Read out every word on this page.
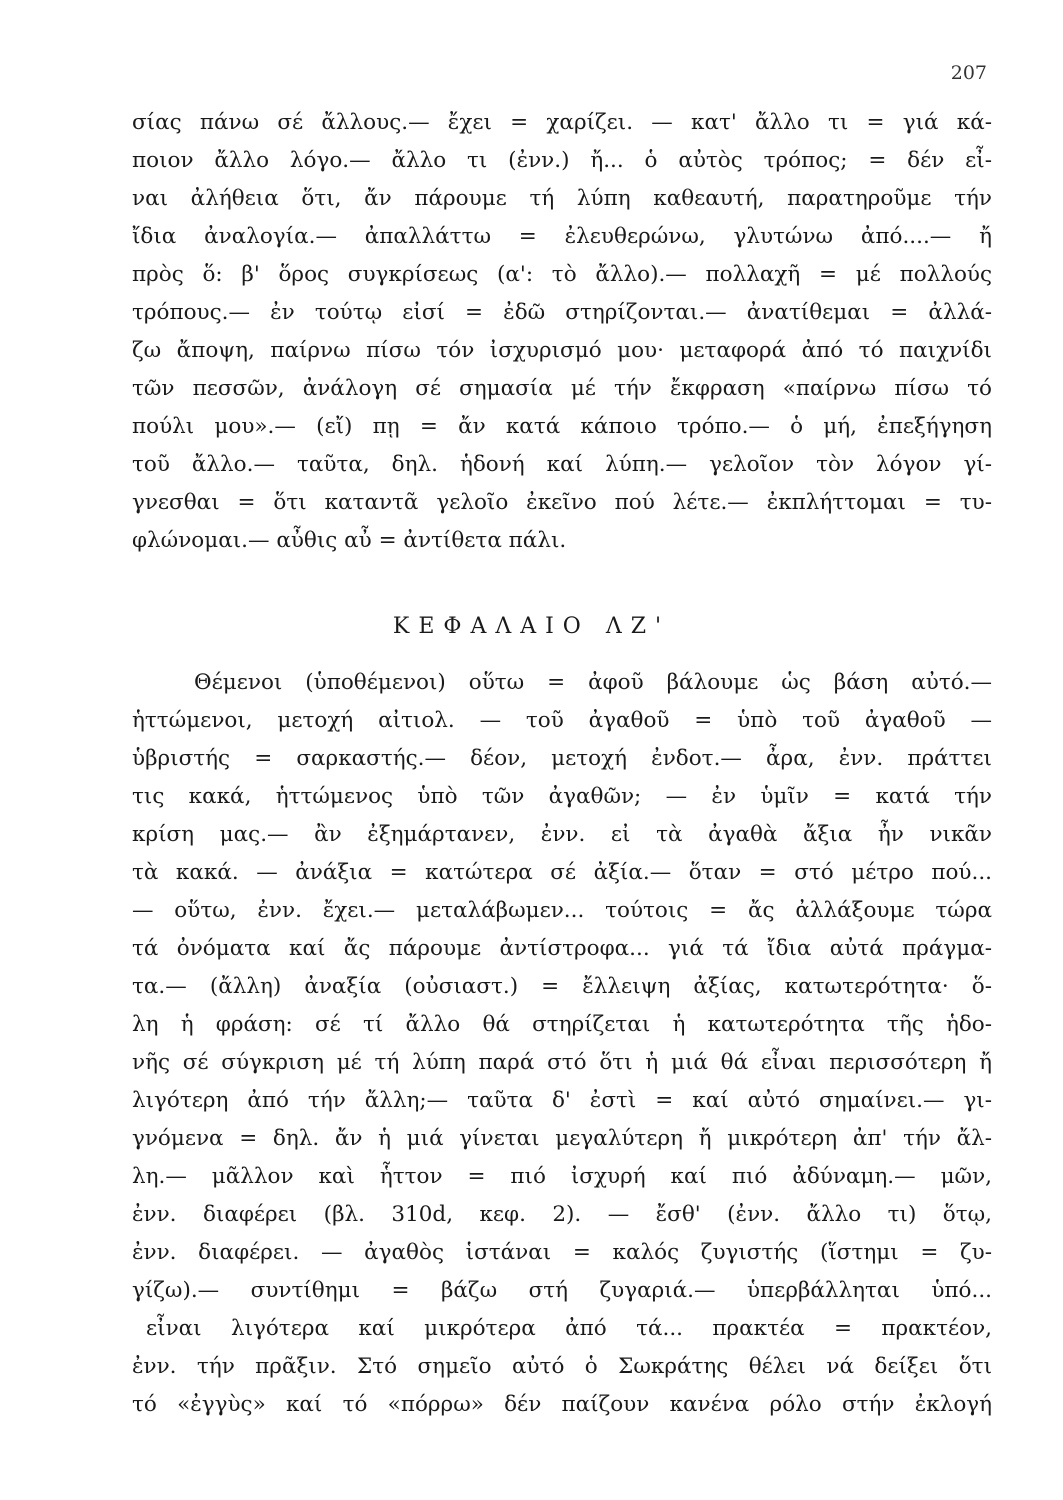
207
σίας πάνω σέ ἄλλους.— ἔχει = χαρίζει. — κατ' ἄλλο τι = γιά κά-
ποιον ἄλλο λόγο.— ἄλλο τι (ἐνν.) ἤ... ὁ αὐτὸς τρόπος; = δέν εἶ-
ναι ἀλήθεια ὅτι, ἄν πάρουμε τή λύπη καθεαυτή, παρατηροῦμε τήν
ἴδια ἀναλογία.— ἀπαλλάττω = ἐλευθερώνω, γλυτώνω ἀπό....— ἤ
πρὸς ὅ: β' ὅρος συγκρίσεως (α': τὸ ἄλλο).— πολλαχῆ = μέ πολλούς
τρόπους.— ἐν τούτῳ εἰσί = ἐδῶ στηρίζονται.— ἀνατίθεμαι = ἀλλά-
ζω ἄποψη, παίρνω πίσω τόν ἰσχυρισμό μου· μεταφορά ἀπό τό παιχνίδι
τῶν πεσσῶν, ἀνάλογη σέ σημασία μέ τήν ἔκφραση «παίρνω πίσω τό
πούλι μου».— (εἴ) πῃ = ἄν κατά κάποιο τρόπο.— ὁ μή, ἐπεξήγηση
τοῦ ἄλλο.— ταῦτα, δηλ. ἡδονή καί λύπη.— γελοῖον τὸν λόγον γί-
γνεσθαι = ὅτι καταντᾶ γελοῖο ἐκεῖνο πού λέτε.— ἐκπλήττομαι = τυ-
φλώνομαι.— αὖθις αὖ = ἀντίθετα πάλι.
ΚΕΦΑΛΑΙΟ ΛΖ'
Θέμενοι (ὑποθέμενοι) οὕτω = ἀφοῦ βάλουμε ὡς βάση αὐτό.—
ἡττώμενοι, μετοχή αἰτιολ. — τοῦ ἀγαθοῦ = ὑπὸ τοῦ ἀγαθοῦ —
ὑβριστής = σαρκαστής.— δέον, μετοχή ἐνδοτ.— ἆρα, ἐνν. πράττει
τις κακά, ἡττώμενος ὑπὸ τῶν ἀγαθῶν; — ἐν ὑμῖν = κατά τήν
κρίση μας.— ἂν ἐξημάρτανεν, ἐνν. εἰ τὰ ἀγαθὰ ἄξια ἦν νικᾶν
τὰ κακά. — ἀνάξια = κατώτερα σέ ἀξία.— ὅταν = στό μέτρο πού...
— οὕτω, ἐνν. ἔχει.— μεταλάβωμεν... τούτοις = ἄς ἀλλάξουμε τώρα
τά ὀνόματα καί ἄς πάρουμε ἀντίστροφα... γιά τά ἴδια αὐτά πράγμα-
τα.— (ἄλλη) ἀναξία (οὐσιαστ.) = ἔλλειψη ἀξίας, κατωτερότητα· ὅ-
λη ἡ φράση: σέ τί ἄλλο θά στηρίζεται ἡ κατωτερότητα τῆς ἡδο-
νῆς σέ σύγκριση μέ τή λύπη παρά στό ὅτι ἡ μιά θά εἶναι περισσότερη ἤ
λιγότερη ἀπό τήν ἄλλη;— ταῦτα δ' ἐστὶ = καί αὐτό σημαίνει.— γι-
γνόμενα = δηλ. ἄν ἡ μιά γίνεται μεγαλύτερη ἤ μικρότερη ἀπ' τήν ἄλ-
λη.— μᾶλλον καὶ ἧττον = πιό ἰσχυρή καί πιό ἀδύναμη.— μῶν,
ἐνν. διαφέρει (βλ. 310d, κεφ. 2). — ἔσθ' (ἐνν. ἄλλο τι) ὅτῳ,
ἐνν. διαφέρει. — ἀγαθὸς ἱστάναι = καλός ζυγιστής (ἵστημι = ζυ-
γίζω).— συντίθημι = βάζω στή ζυγαριά.— ὑπερβάλληται ὑπό...
εἶναι λιγότερα καί μικρότερα ἀπό τά... πρακτέα = πρακτέον,
ἐνν. τήν πρᾶξιν. Στό σημεῖο αὐτό ὁ Σωκράτης θέλει νά δείξει ὅτι
τό «ἐγγὺς» καί τό «πόρρω» δέν παίζουν κανένα ρόλο στήν ἐκλογή
